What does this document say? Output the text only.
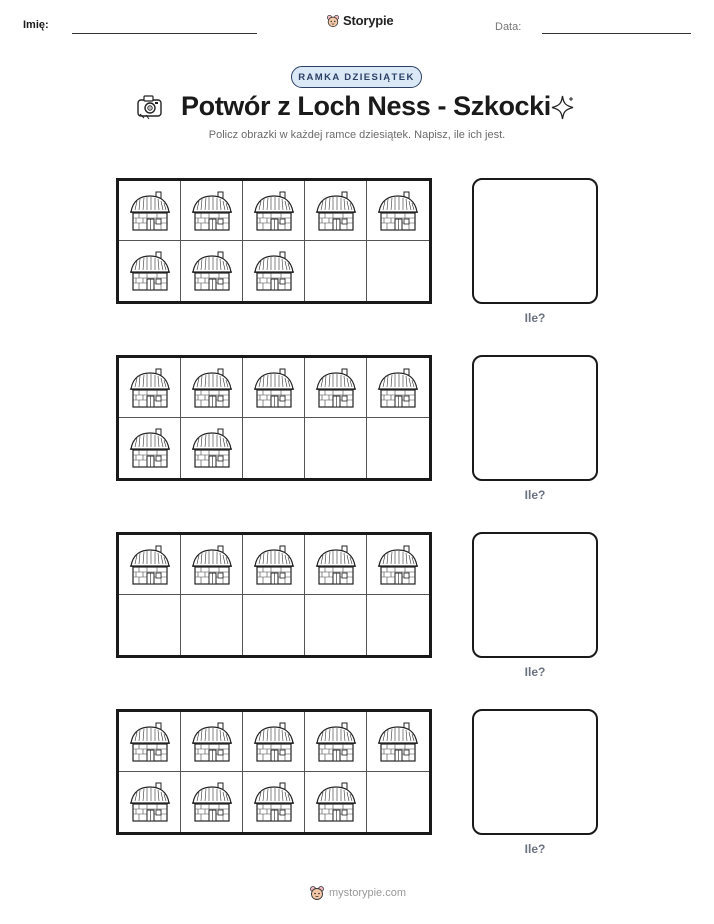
Imię:	Storypie	Data:
RAMKA DZIESIĄTEK
Potwór z Loch Ness - Szkocki
Policz obrazki w każdej ramce dziesiątek. Napisz, ile ich jest.
Ile?
Ile?
Ile?
Ile?
mystorypie.com
